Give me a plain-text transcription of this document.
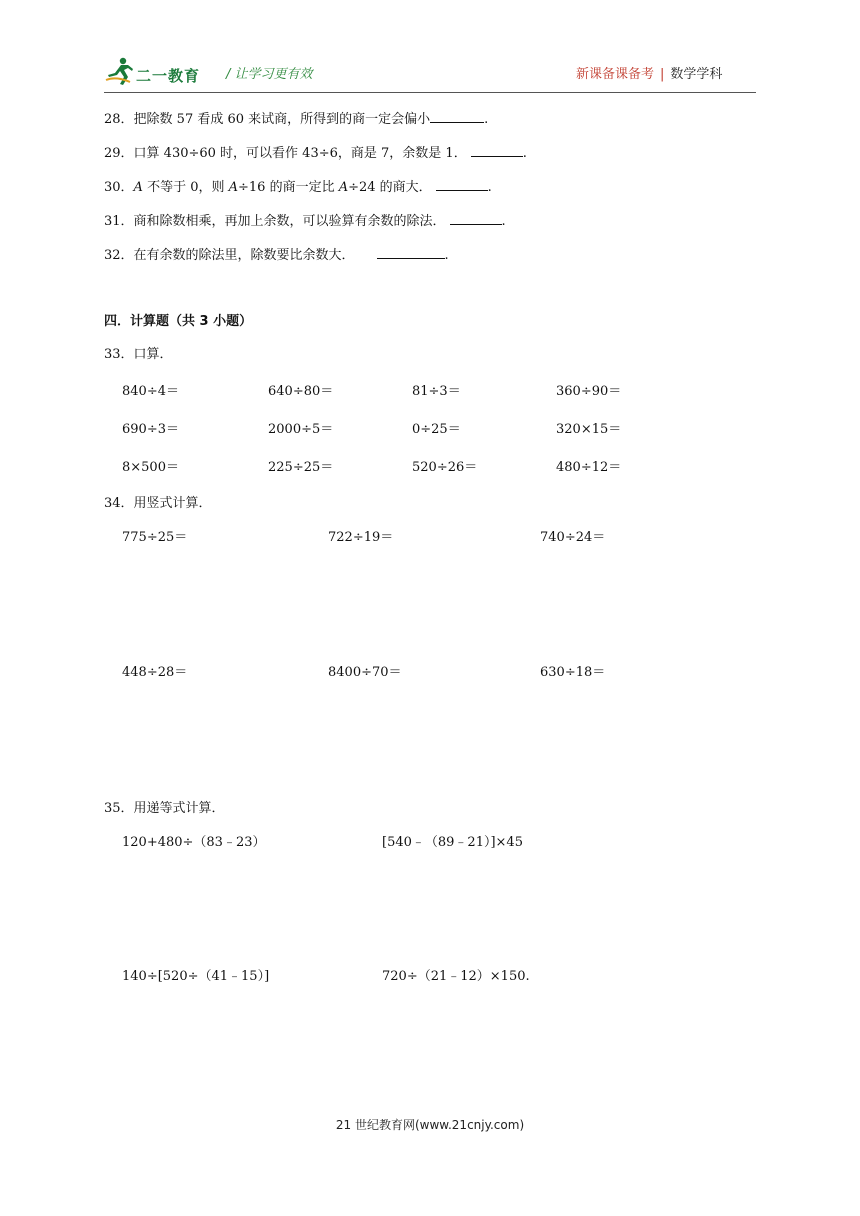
二一教育 / 让学习更有效	新课备课备考 | 数学学科
28．把除数 57 看成 60 来试商，所得到的商一定会偏小	.
29．口算 430÷60 时，可以看作 43÷6，商是 7，余数是 1．	.
30．A 不等于 0，则 A÷16 的商一定比 A÷24 的商大．	.
31．商和除数相乘，再加上余数，可以验算有余数的除法．	.
32．在有余数的除法里，除数要比余数大．	.
四．计算题（共 3 小题）
33．口算．
840÷4＝	640÷80＝	81÷3＝	360÷90＝
690÷3＝	2000÷5＝	0÷25＝	320×15＝
8×500＝	225÷25＝	520÷26＝	480÷12＝
34．用竖式计算．
775÷25＝	722÷19＝	740÷24＝
448÷28＝	8400÷70＝	630÷18＝
35．用递等式计算．
120+480÷（83﹣23）	[540﹣（89﹣21）]×45
140÷[520÷（41﹣15）]	720÷（21﹣12）×150.
21 世纪教育网(www.21cnjy.com)
